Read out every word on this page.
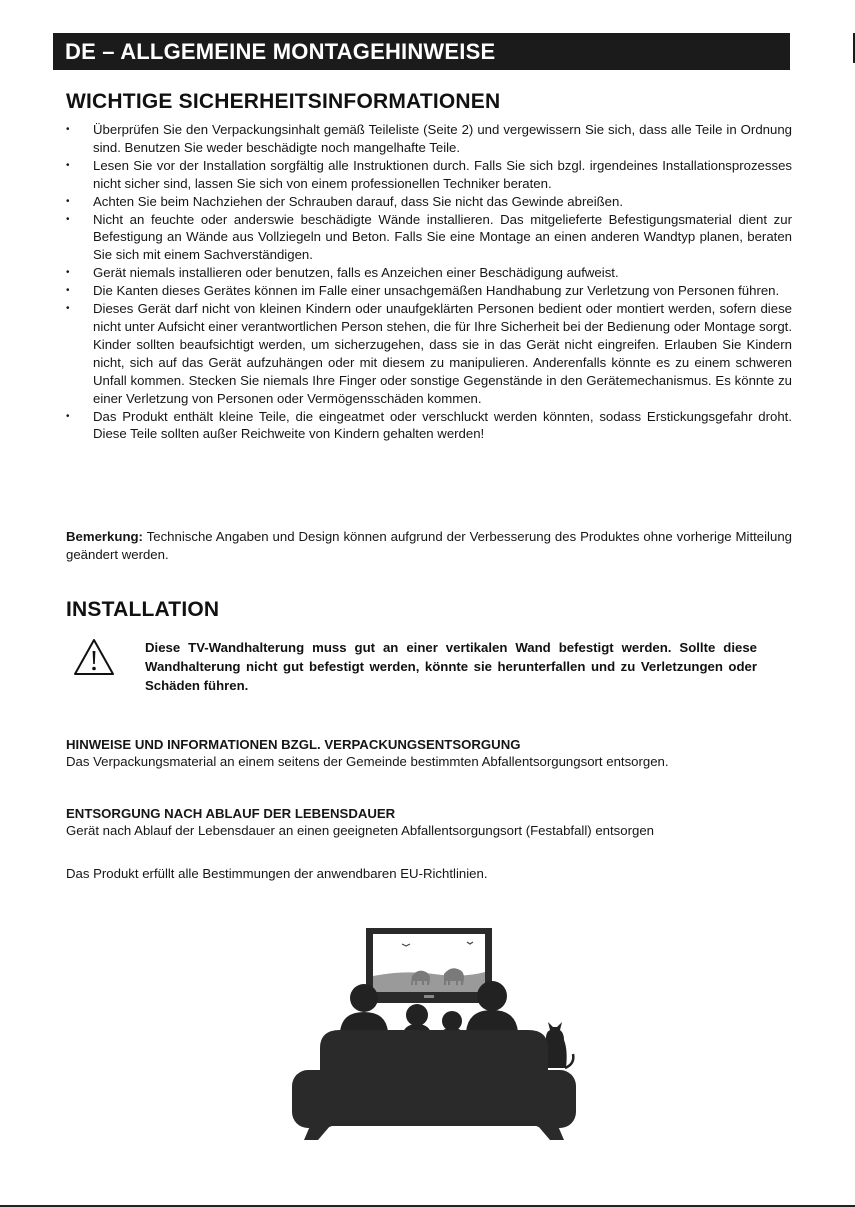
DE – ALLGEMEINE MONTAGEHINWEISE
WICHTIGE SICHERHEITSINFORMATIONEN
• Überprüfen Sie den Verpackungsinhalt gemäß Teileliste (Seite 2) und vergewissern Sie sich, dass alle Teile in Ordnung sind. Benutzen Sie weder beschädigte noch mangelhafte Teile.
• Lesen Sie vor der Installation sorgfältig alle Instruktionen durch. Falls Sie sich bzgl. irgendeines Installationsprozesses nicht sicher sind, lassen Sie sich von einem professionellen Techniker beraten.
• Achten Sie beim Nachziehen der Schrauben darauf, dass Sie nicht das Gewinde abreißen.
• Nicht an feuchte oder anderswie beschädigte Wände installieren. Das mitgelieferte Befestigungsmaterial dient zur Befestigung an Wände aus Vollziegeln und Beton. Falls Sie eine Montage an einen anderen Wandtyp planen, beraten Sie sich mit einem Sachverständigen.
• Gerät niemals installieren oder benutzen, falls es Anzeichen einer Beschädigung aufweist.
• Die Kanten dieses Gerätes können im Falle einer unsachgemäßen Handhabung zur Verletzung von Personen führen.
• Dieses Gerät darf nicht von kleinen Kindern oder unaufgeklärten Personen bedient oder montiert werden, sofern diese nicht unter Aufsicht einer verantwortlichen Person stehen, die für Ihre Sicherheit bei der Bedienung oder Montage sorgt. Kinder sollten beaufsichtigt werden, um sicherzugehen, dass sie in das Gerät nicht eingreifen. Erlauben Sie Kindern nicht, sich auf das Gerät aufzuhängen oder mit diesem zu manipulieren. Anderenfalls könnte es zu einem schweren Unfall kommen. Stecken Sie niemals Ihre Finger oder sonstige Gegenstände in den Gerätemechanismus. Es könnte zu einer Verletzung von Personen oder Vermögensschäden kommen.
• Das Produkt enthält kleine Teile, die eingeatmet oder verschluckt werden könnten, sodass Erstickungsgefahr droht. Diese Teile sollten außer Reichweite von Kindern gehalten werden!

Bemerkung: Technische Angaben und Design können aufgrund der Verbesserung des Produktes ohne vorherige Mitteilung geändert werden.

INSTALLATION

Diese TV-Wandhalterung muss gut an einer vertikalen Wand befestigt werden. Sollte diese Wandhalterung nicht gut befestigt werden, könnte sie herunterfallen und zu Verletzungen oder Schäden führen.

HINWEISE UND INFORMATIONEN BZGL. VERPACKUNGSENTSORGUNG
Das Verpackungsmaterial an einem seitens der Gemeinde bestimmten Abfallentsorgungsort entsorgen.
ENTSORGUNG NACH ABLAUF DER LEBENSDAUER
Gerät nach Ablauf der Lebensdauer an einen geeigneten Abfallentsorgungsort (Festabfall) entsorgen
Das Produkt erfüllt alle Bestimmungen der anwendbaren EU-Richtlinien.
